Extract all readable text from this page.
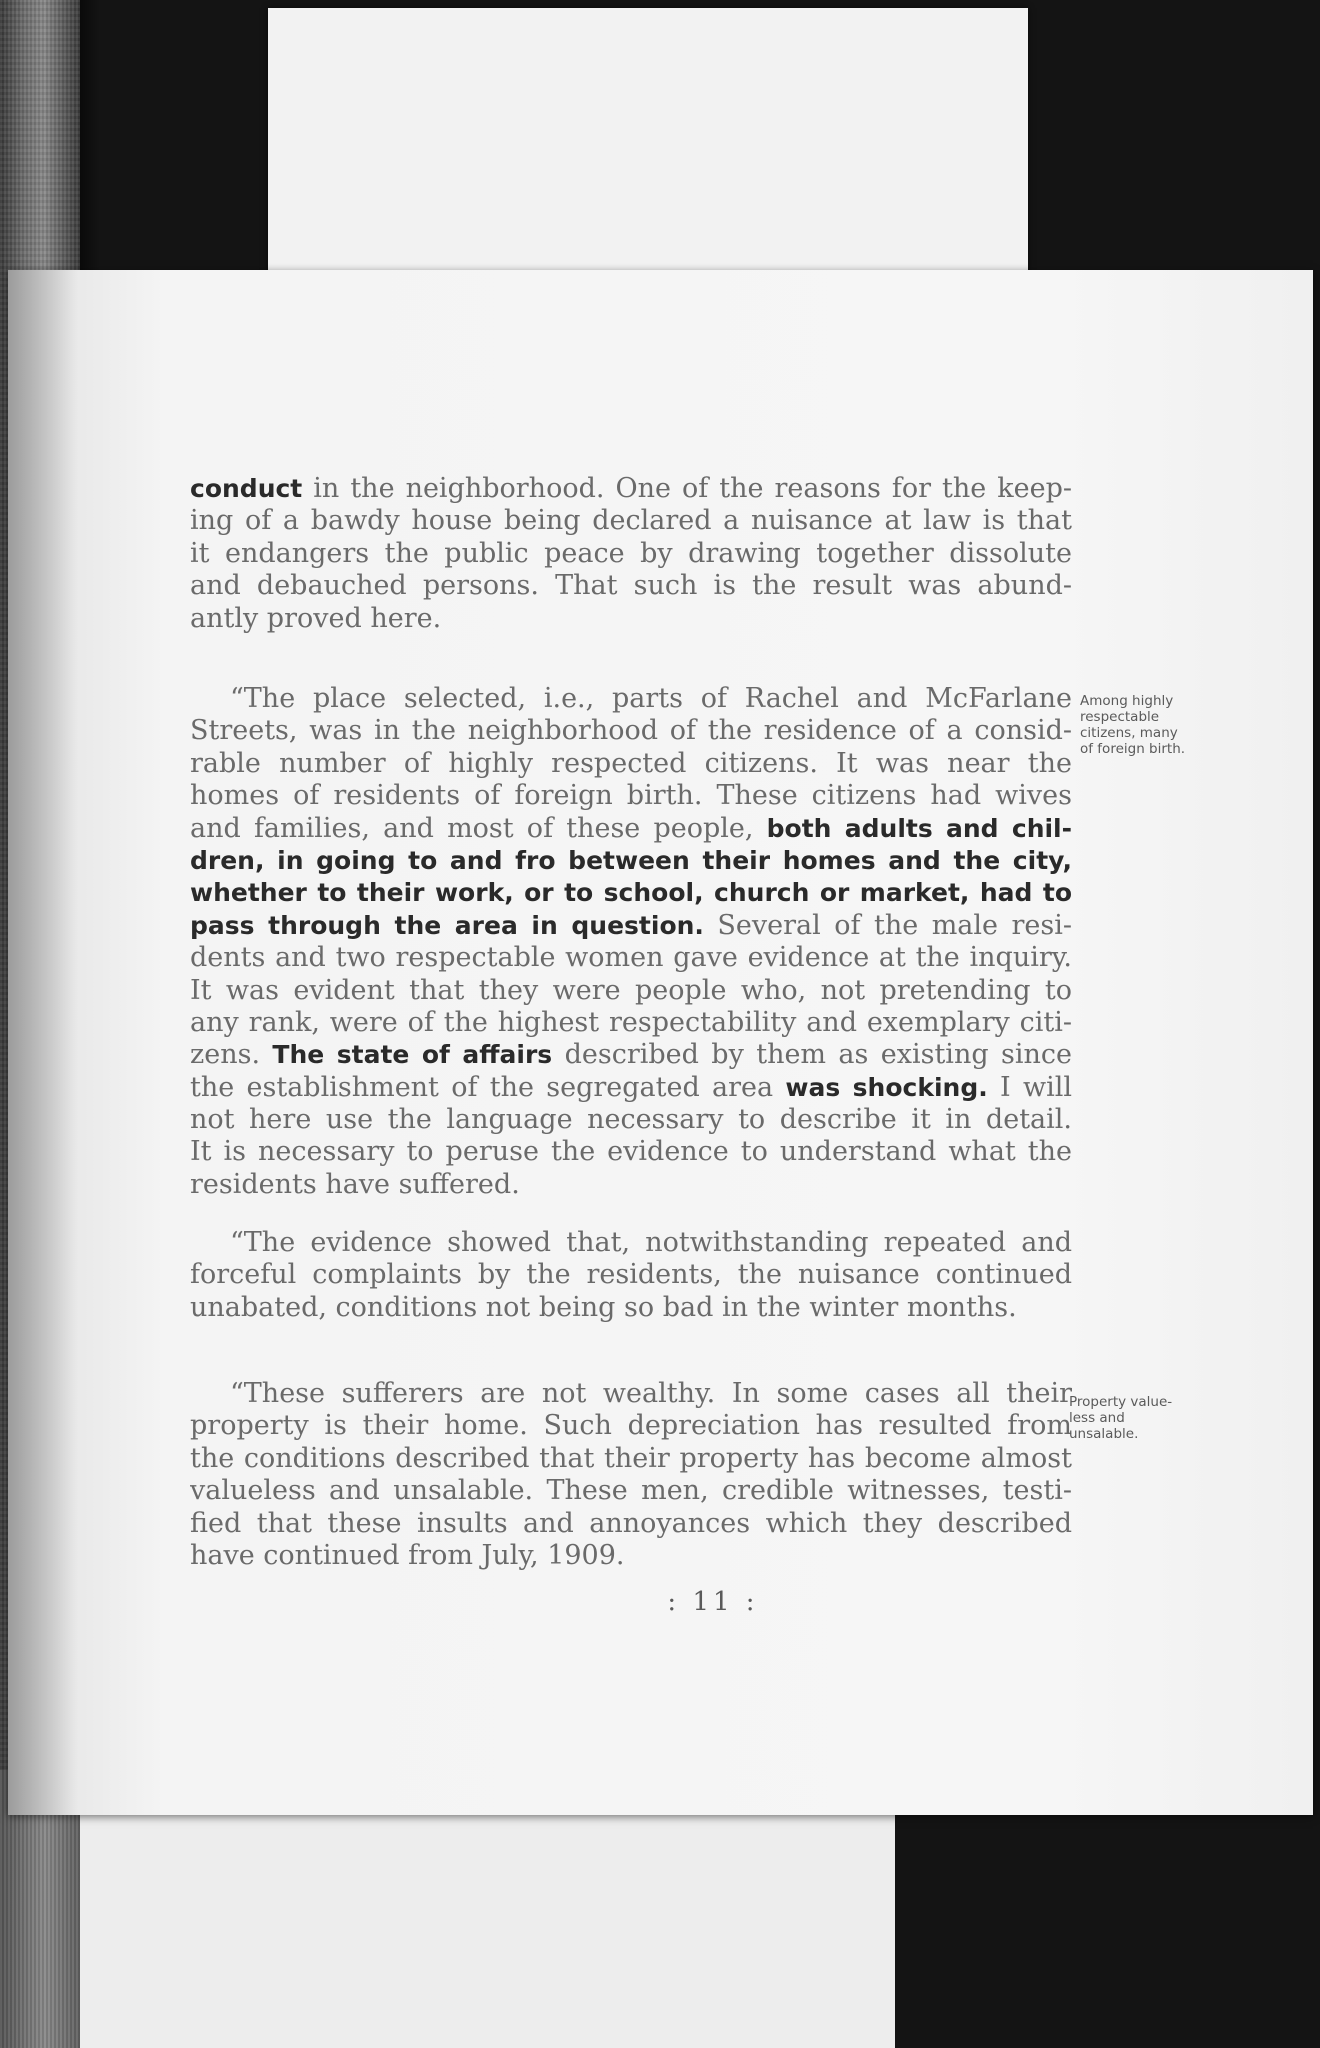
conduct in the neighborhood. One of the reasons for the keep-
ing of a bawdy house being declared a nuisance at law is that
it endangers the public peace by drawing together dissolute
and debauched persons. That such is the result was abund-
antly proved here.
“The place selected, i.e., parts of Rachel and McFarlane
Streets, was in the neighborhood of the residence of a consid-
rable number of highly respected citizens. It was near the
homes of residents of foreign birth. These citizens had wives
and families, and most of these people, both adults and chil-
dren, in going to and fro between their homes and the city,
whether to their work, or to school, church or market, had to
pass through the area in question. Several of the male resi-
dents and two respectable women gave evidence at the inquiry.
It was evident that they were people who, not pretending to
any rank, were of the highest respectability and exemplary citi-
zens. The state of affairs described by them as existing since
the establishment of the segregated area was shocking. I will
not here use the language necessary to describe it in detail.
It is necessary to peruse the evidence to understand what the
residents have suffered.
“The evidence showed that, notwithstanding repeated and
forceful complaints by the residents, the nuisance continued
unabated, conditions not being so bad in the winter months.
“These sufferers are not wealthy. In some cases all their
property is their home. Such depreciation has resulted from
the conditions described that their property has become almost
valueless and unsalable. These men, credible witnesses, testi-
fied that these insults and annoyances which they described
have continued from July, 1909.
Among highly
respectable
citizens, many
of foreign birth.
Property value-
less and
unsalable.
: 11 :
